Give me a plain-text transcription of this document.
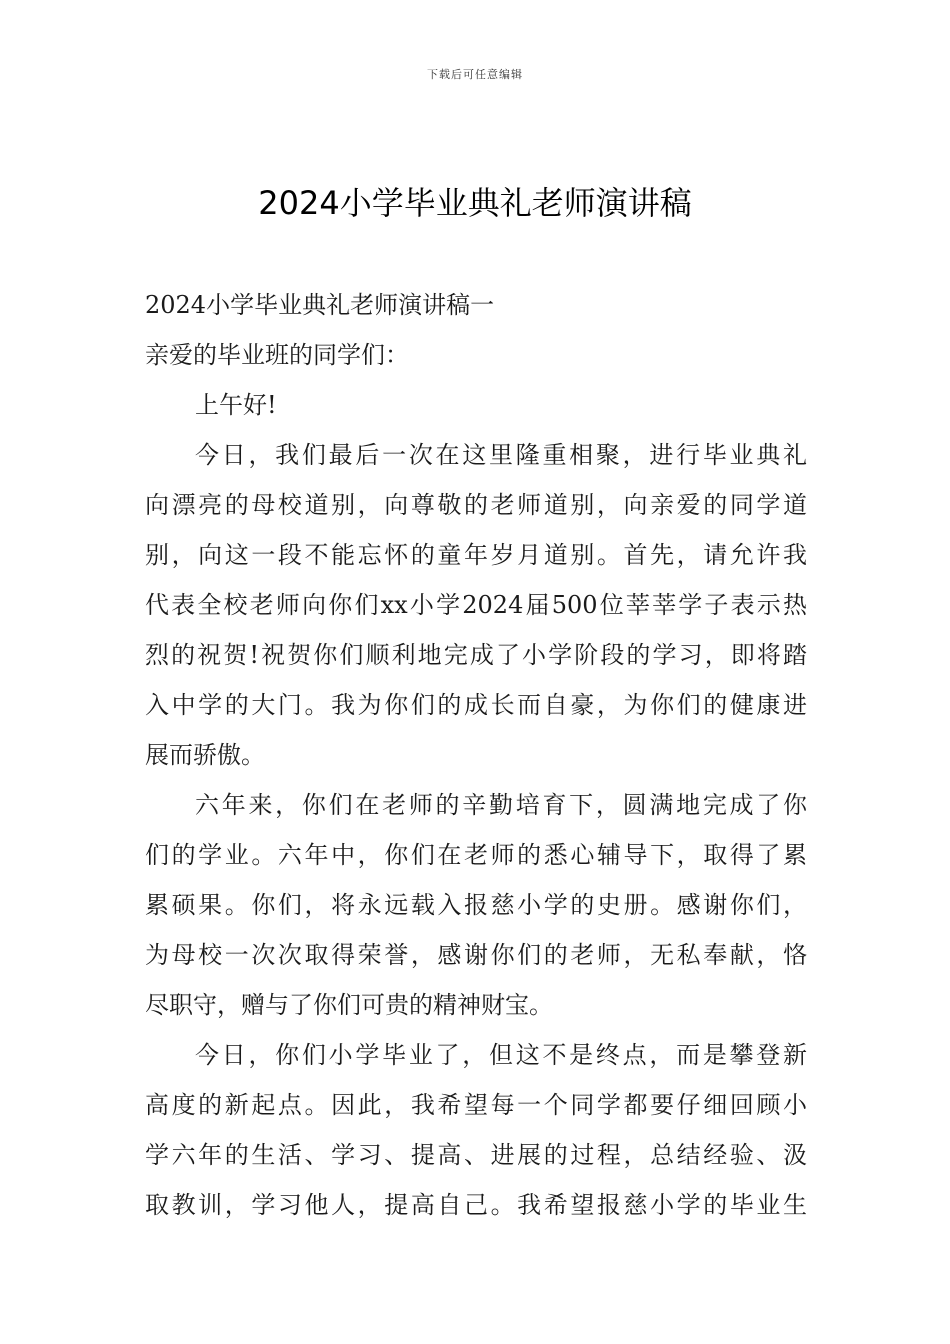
下载后可任意编辑
2024小学毕业典礼老师演讲稿

2024小学毕业典礼老师演讲稿一

亲爱的毕业班的同学们：

上午好!

今日，我们最后一次在这里隆重相聚，进行毕业典礼

向漂亮的母校道别，向尊敬的老师道别，向亲爱的同学道

别，向这一段不能忘怀的童年岁月道别。首先，请允许我

代表全校老师向你们xx小学2024届500位莘莘学子表示热

烈的祝贺!祝贺你们顺利地完成了小学阶段的学习，即将踏

入中学的大门。我为你们的成长而自豪，为你们的健康进

展而骄傲。

六年来，你们在老师的辛勤培育下，圆满地完成了你

们的学业。六年中，你们在老师的悉心辅导下，取得了累

累硕果。你们，将永远载入报慈小学的史册。感谢你们，

为母校一次次取得荣誉，感谢你们的老师，无私奉献，恪

尽职守，赠与了你们可贵的精神财宝。

今日，你们小学毕业了，但这不是终点，而是攀登新

高度的新起点。因此，我希望每一个同学都要仔细回顾小

学六年的生活、学习、提高、进展的过程，总结经验、汲

取教训，学习他人，提高自己。我希望报慈小学的毕业生
